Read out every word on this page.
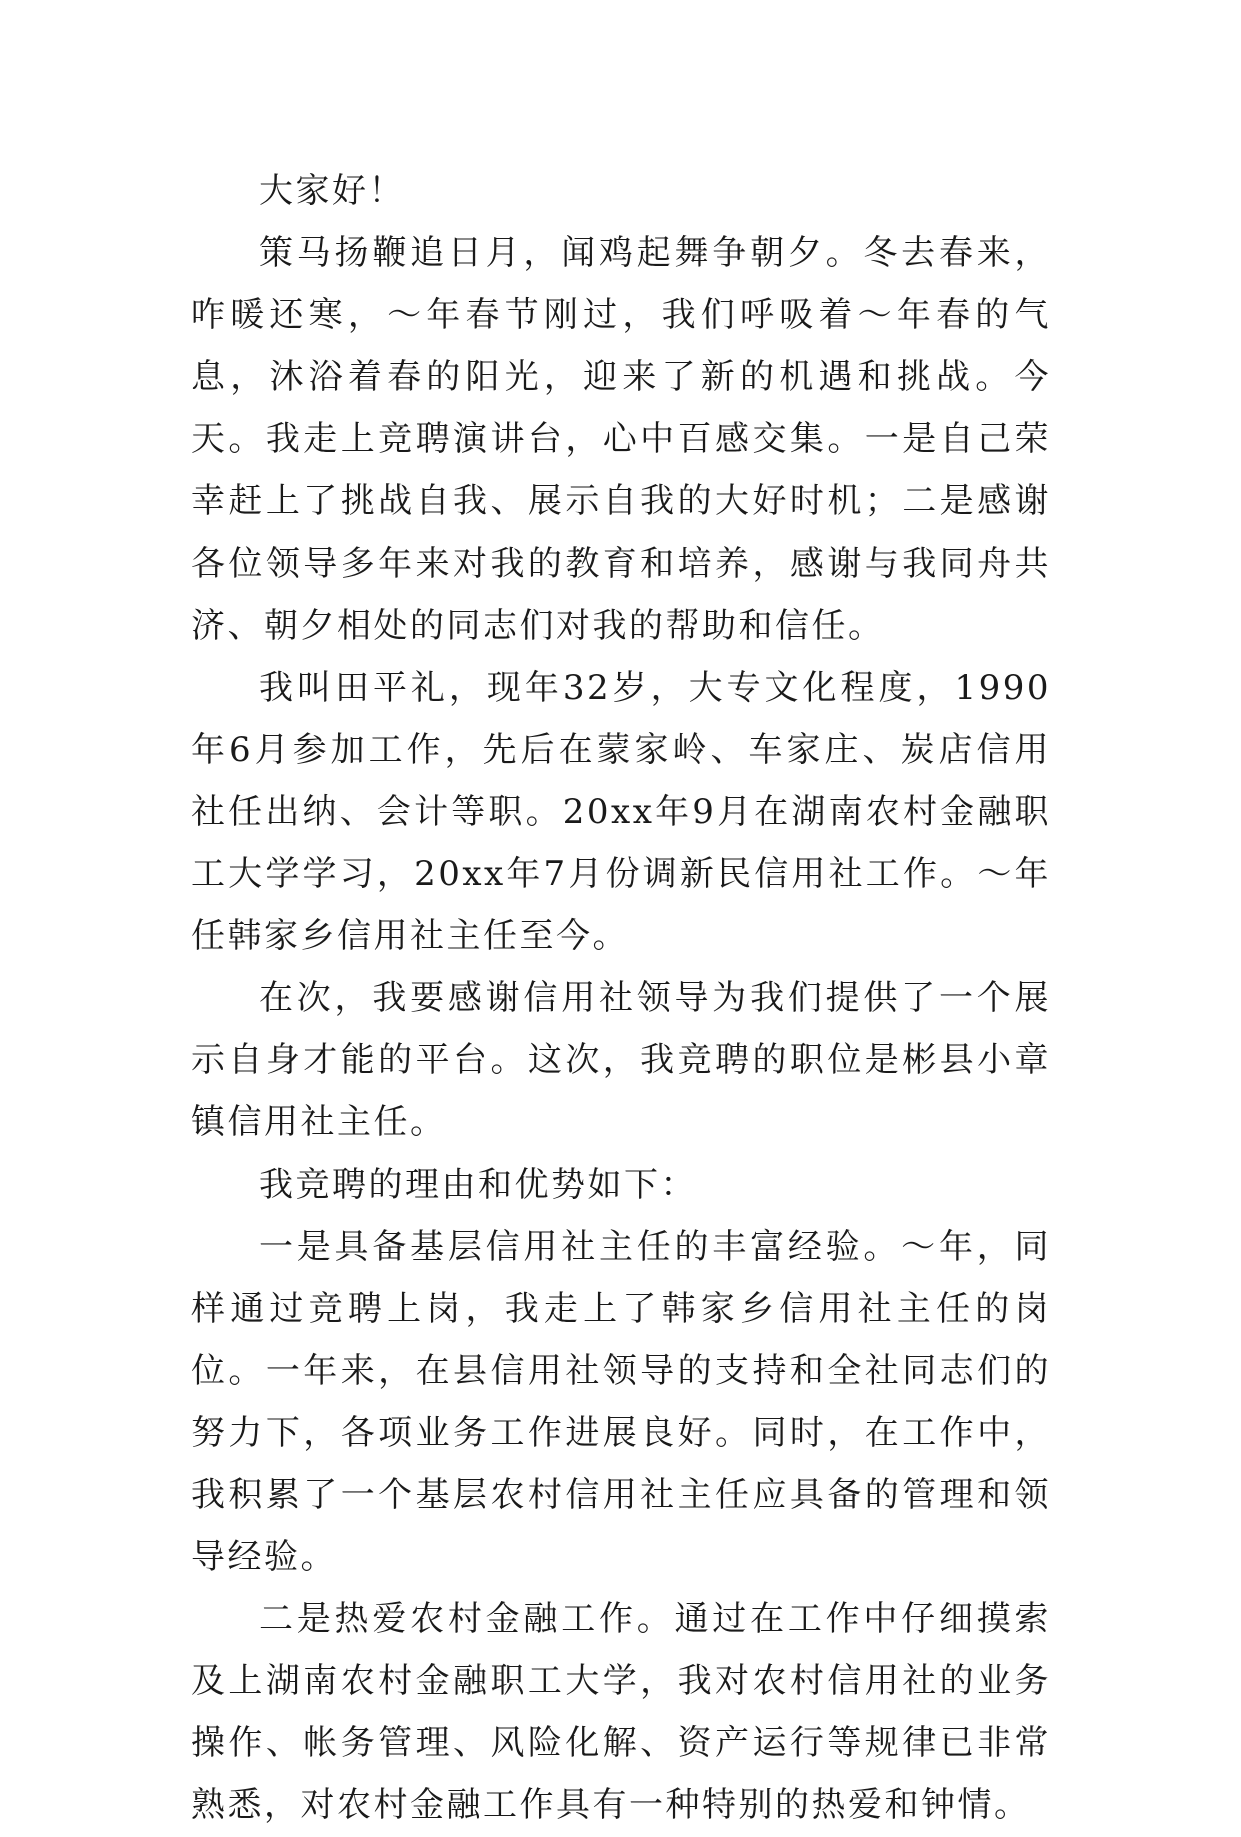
大家好！

策马扬鞭追日月，闻鸡起舞争朝夕。冬去春来，咋暖还寒，～年春节刚过，我们呼吸着～年春的气息，沐浴着春的阳光，迎来了新的机遇和挑战。今天。我走上竞聘演讲台，心中百感交集。一是自己荣幸赶上了挑战自我、展示自我的大好时机；二是感谢各位领导多年来对我的教育和培养，感谢与我同舟共济、朝夕相处的同志们对我的帮助和信任。

我叫田平礼，现年32岁，大专文化程度，1990年6月参加工作，先后在蒙家岭、车家庄、炭店信用社任出纳、会计等职。20xx年9月在湖南农村金融职工大学学习，20xx年7月份调新民信用社工作。～年任韩家乡信用社主任至今。

在次，我要感谢信用社领导为我们提供了一个展示自身才能的平台。这次，我竞聘的职位是彬县小章镇信用社主任。

我竞聘的理由和优势如下：

一是具备基层信用社主任的丰富经验。～年，同样通过竞聘上岗，我走上了韩家乡信用社主任的岗位。一年来，在县信用社领导的支持和全社同志们的努力下，各项业务工作进展良好。同时，在工作中，我积累了一个基层农村信用社主任应具备的管理和领导经验。

二是热爱农村金融工作。通过在工作中仔细摸索及上湖南农村金融职工大学，我对农村信用社的业务操作、帐务管理、风险化解、资产运行等规律已非常熟悉，对农村金融工作具有一种特别的热爱和钟情。
